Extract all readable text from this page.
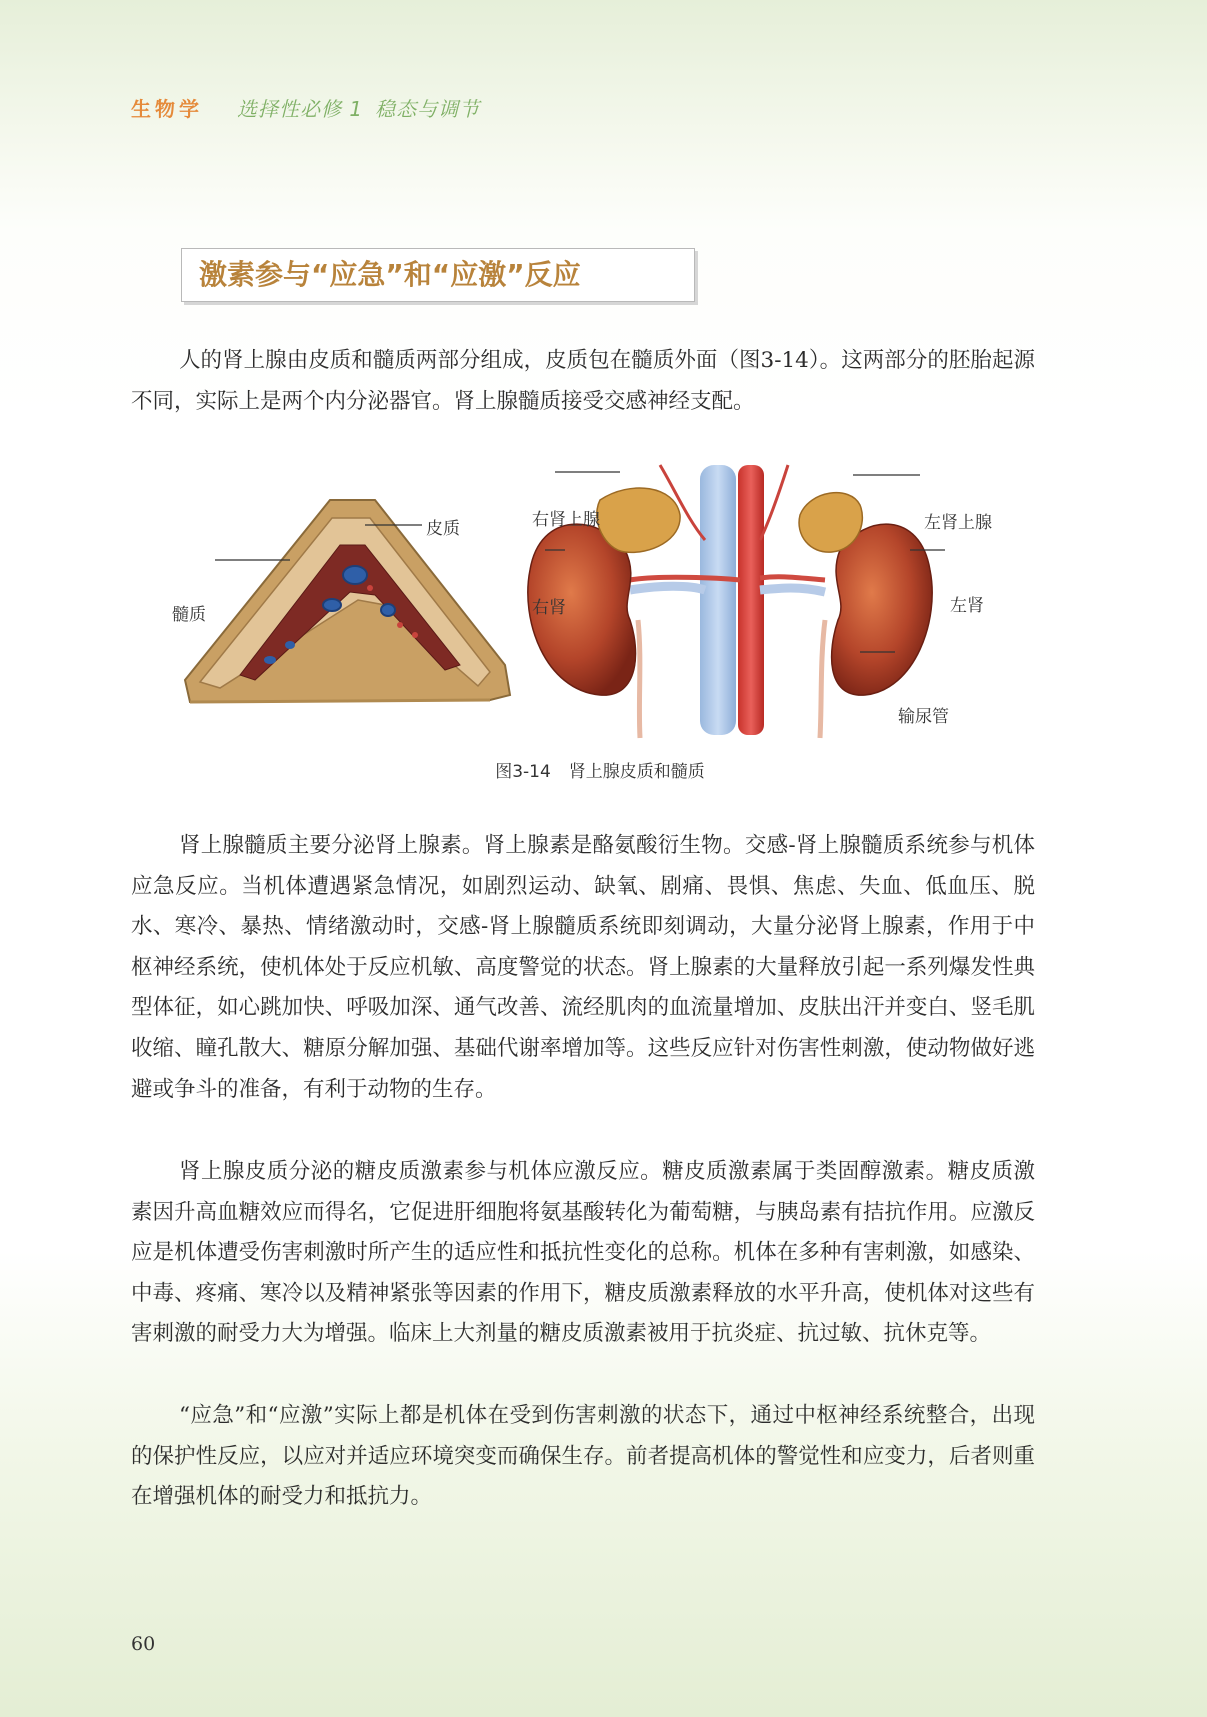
生物学 选择性必修 1 稳态与调节
激素参与“应急”和“应激”反应

人的肾上腺由皮质和髓质两部分组成，皮质包在髓质外面（图3-14）。这两部分的胚胎起源不同，实际上是两个内分泌器官。肾上腺髓质接受交感神经支配。

皮质
髓质
右肾上腺
右肾
左肾上腺
左肾
输尿管
图3-14 肾上腺皮质和髓质

肾上腺髓质主要分泌肾上腺素。肾上腺素是酪氨酸衍生物。交感-肾上腺髓质系统参与机体应急反应。当机体遭遇紧急情况，如剧烈运动、缺氧、剧痛、畏惧、焦虑、失血、低血压、脱水、寒冷、暴热、情绪激动时，交感-肾上腺髓质系统即刻调动，大量分泌肾上腺素，作用于中枢神经系统，使机体处于反应机敏、高度警觉的状态。肾上腺素的大量释放引起一系列爆发性典型体征，如心跳加快、呼吸加深、通气改善、流经肌肉的血流量增加、皮肤出汗并变白、竖毛肌收缩、瞳孔散大、糖原分解加强、基础代谢率增加等。这些反应针对伤害性刺激，使动物做好逃避或争斗的准备，有利于动物的生存。

肾上腺皮质分泌的糖皮质激素参与机体应激反应。糖皮质激素属于类固醇激素。糖皮质激素因升高血糖效应而得名，它促进肝细胞将氨基酸转化为葡萄糖，与胰岛素有拮抗作用。应激反应是机体遭受伤害刺激时所产生的适应性和抵抗性变化的总称。机体在多种有害刺激，如感染、中毒、疼痛、寒冷以及精神紧张等因素的作用下，糖皮质激素释放的水平升高，使机体对这些有害刺激的耐受力大为增强。临床上大剂量的糖皮质激素被用于抗炎症、抗过敏、抗休克等。

“应急”和“应激”实际上都是机体在受到伤害刺激的状态下，通过中枢神经系统整合，出现的保护性反应，以应对并适应环境突变而确保生存。前者提高机体的警觉性和应变力，后者则重在增强机体的耐受力和抵抗力。

60
